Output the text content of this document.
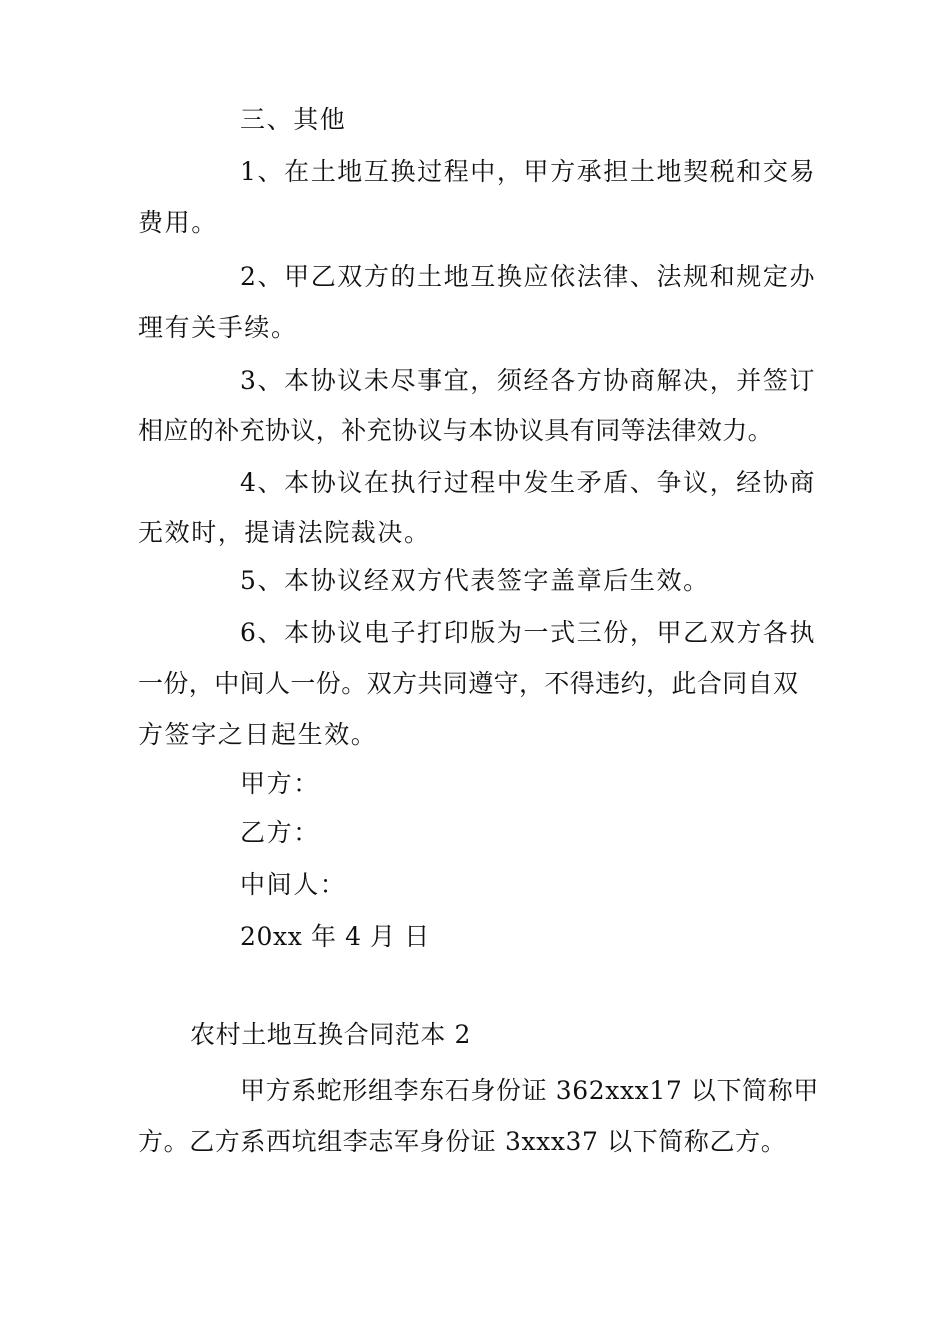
三、其他
1、在土地互换过程中，甲方承担土地契税和交易
费用。
2、甲乙双方的土地互换应依法律、法规和规定办
理有关手续。
3、本协议未尽事宜，须经各方协商解决，并签订
相应的补充协议，补充协议与本协议具有同等法律效力。
4、本协议在执行过程中发生矛盾、争议，经协商
无效时，提请法院裁决。
5、本协议经双方代表签字盖章后生效。
6、本协议电子打印版为一式三份，甲乙双方各执
一份，中间人一份。双方共同遵守，不得违约，此合同自双
方签字之日起生效。
甲方：
乙方：
中间人：
20xx 年 4 月 日
农村土地互换合同范本 2
甲方系蛇形组李东石身份证 362xxx17 以下简称甲
方。乙方系西坑组李志军身份证 3xxx37 以下简称乙方。
